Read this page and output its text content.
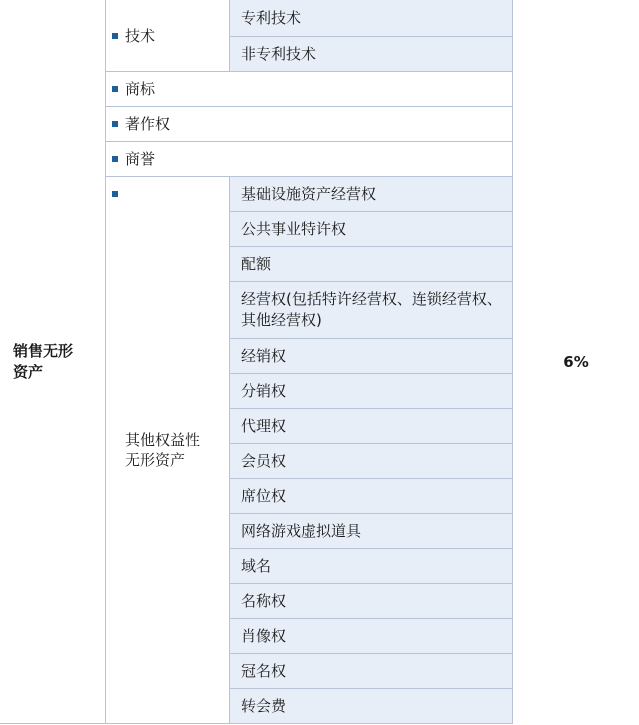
销售无形
资产
技术
专利技术
非专利技术
商标
著作权
商誉
其他权益性
无形资产
基础设施资产经营权
公共事业特许权
配额
经营权(包括特许经营权、连锁经营权、其他经营权)
经销权
分销权
代理权
会员权
席位权
网络游戏虚拟道具
域名
名称权
肖像权
冠名权
转会费
6%
